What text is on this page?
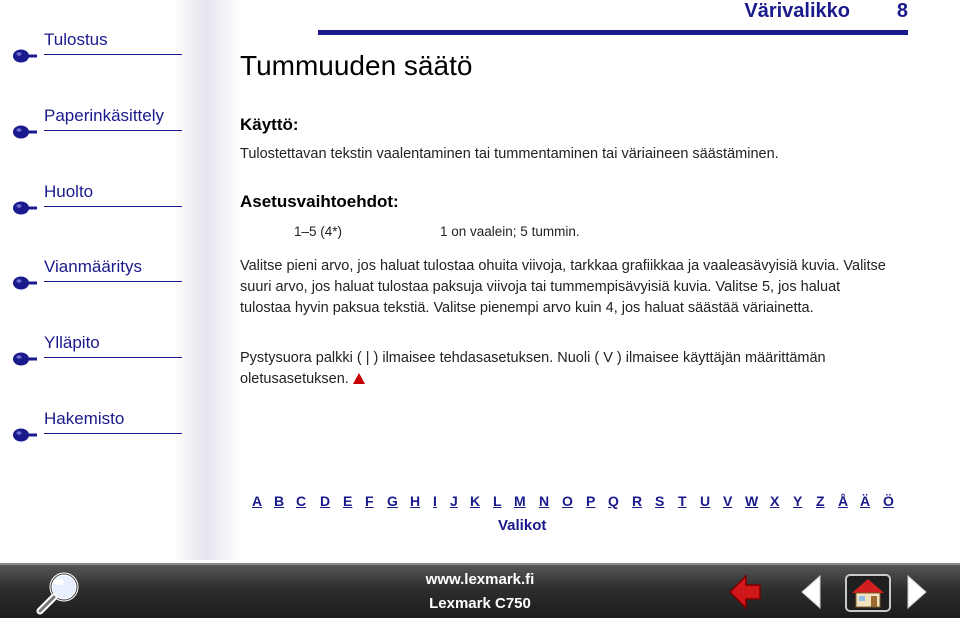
Tulostus
Paperinkäsittely
Huolto
Vianmääritys
Ylläpito
Hakemisto
Värivalikko 8
Tummuuden säätö
Käyttö:

Tulostettavan tekstin vaalentaminen tai tummentaminen tai väriaineen säästäminen.

Asetusvaihtoehdot:
1–5 (4*)	1 on vaalein; 5 tummin.

Valitse pieni arvo, jos haluat tulostaa ohuita viivoja, tarkkaa grafiikkaa ja vaaleasävyisiä kuvia. Valitse suuri arvo, jos haluat tulostaa paksuja viivoja tai tummempisävyisiä kuvia. Valitse 5, jos haluat tulostaa hyvin paksua tekstiä. Valitse pienempi arvo kuin 4, jos haluat säästää väriainetta.

Pystysuora palkki ( | ) ilmaisee tehdasasetuksen. Nuoli ( V ) ilmaisee käyttäjän määrittämän oletusasetuksen.

A B C D E F G H I J K L M N O P Q R S T U V W X Y Z Å Ä Ö
Valikot
www.lexmark.fi
Lexmark C750
